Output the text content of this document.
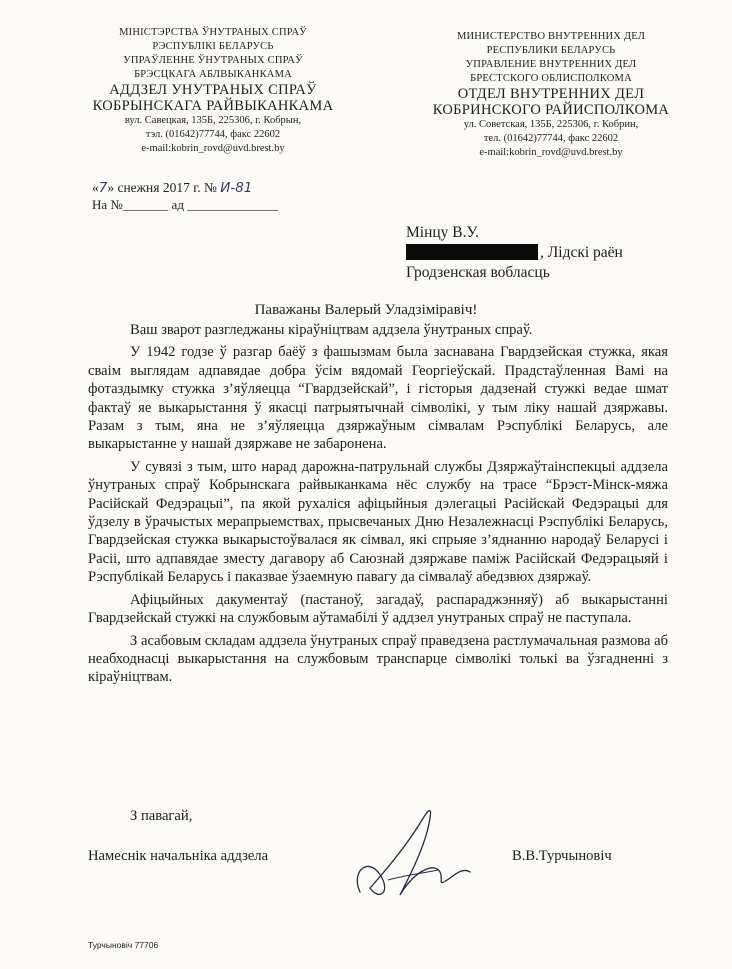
МІНІСТЭРСТВА ЎНУТРАНЫХ СПРАЎ
РЭСПУБЛІКІ БЕЛАРУСЬ
УПРАЎЛЕННЕ ЎНУТРАНЫХ СПРАЎ
БРЭСЦКАГА АБЛВЫКАНКАМА
АДДЗЕЛ УНУТРАНЫХ СПРАЎ
КОБРЫНСКАГА РАЙВЫКАНКАМА
вул. Савецкая, 135Б, 225306, г. Кобрын,
тэл. (01642)77744, факс 22602
e-mail:kobrin_rovd@uvd.brest.by
МИНИСТЕРСТВО ВНУТРЕННИХ ДЕЛ
РЕСПУБЛИКИ БЕЛАРУСЬ
УПРАВЛЕНИЕ ВНУТРЕННИХ ДЕЛ
БРЕСТСКОГО ОБЛИСПОЛКОМА
ОТДЕЛ ВНУТРЕННИХ ДЕЛ
КОБРИНСКОГО РАЙИСПОЛКОМА
ул. Советская, 135Б, 225306, г. Кобрин,
тел. (01642)77744, факс 22602
e-mail:kobrin_rovd@uvd.brest.by
«7» снежня 2017 г. № И-81
На №_______ ад ______________
Мінцу В.У.
, Лідскі раён
Гродзенская вобласць
Паважаны Валерый Уладзіміравіч!

Ваш зварот разгледжаны кіраўніцтвам аддзела ўнутраных спраў.

У 1942 годзе ў разгар баёў з фашызмам была заснавана Гвардзейская стужка, якая сваім выглядам адпавядае добра ўсім вядомай Георгіеўскай. Прадстаўленная Вамі на фотаздымку стужка з’яўляецца “Гвардзейскай”, і гісторыя дадзенай стужкі ведае шмат фактаў яе выкарыстання ў якасці патрыятычнай сімволікі, у тым ліку нашай дзяржавы. Разам з тым, яна не з’яўляецца дзяржаўным сімвалам Рэспублікі Беларусь, але выкарыстанне у нашай дзяржаве не забаронена.

У сувязі з тым, што нарад дарожна-патрульнай службы Дзяржаўтаінспекцыі аддзела ўнутраных спраў Кобрынскага райвыканкама нёс службу на трасе “Брэст-Мінск-мяжа Расійскай Федэрацыі”, па якой рухаліся афіцыйныя дэлегацыі Расійскай Федэрацыі для ўдзелу в ўрачыстых мерапрыемствах, прысвечаных Дню Незалежнасці Рэспублікі Беларусь, Гвардзейская стужка выкарыстоўвалася як сімвал, які спрыяе з’яднанню народаў Беларусі і Расіі, што адпавядае зместу дагавору аб Саюзнай дзяржаве паміж Расійскай Федэрацыяй і Рэспублікай Беларусь і паказвае ўзаемную павагу да сімвалаў абедзвюх дзяржаў.

Афіцыйных дакументаў (пастаноў, загадаў, распараджэнняў) аб выкарыстанні Гвардзейскай стужкі на службовым аўтамабілі ў аддзел унутраных спраў не паступала.

З асабовым складам аддзела ўнутраных спраў праведзена растлумачальная размова аб неабходнасці выкарыстання на службовым транспарце сімволікі толькі ва ўзгадненні з кіраўніцтвам.

З павагай,
Намеснік начальніка аддзела	В.В.Турчыновіч
Турчыновіч 77706
